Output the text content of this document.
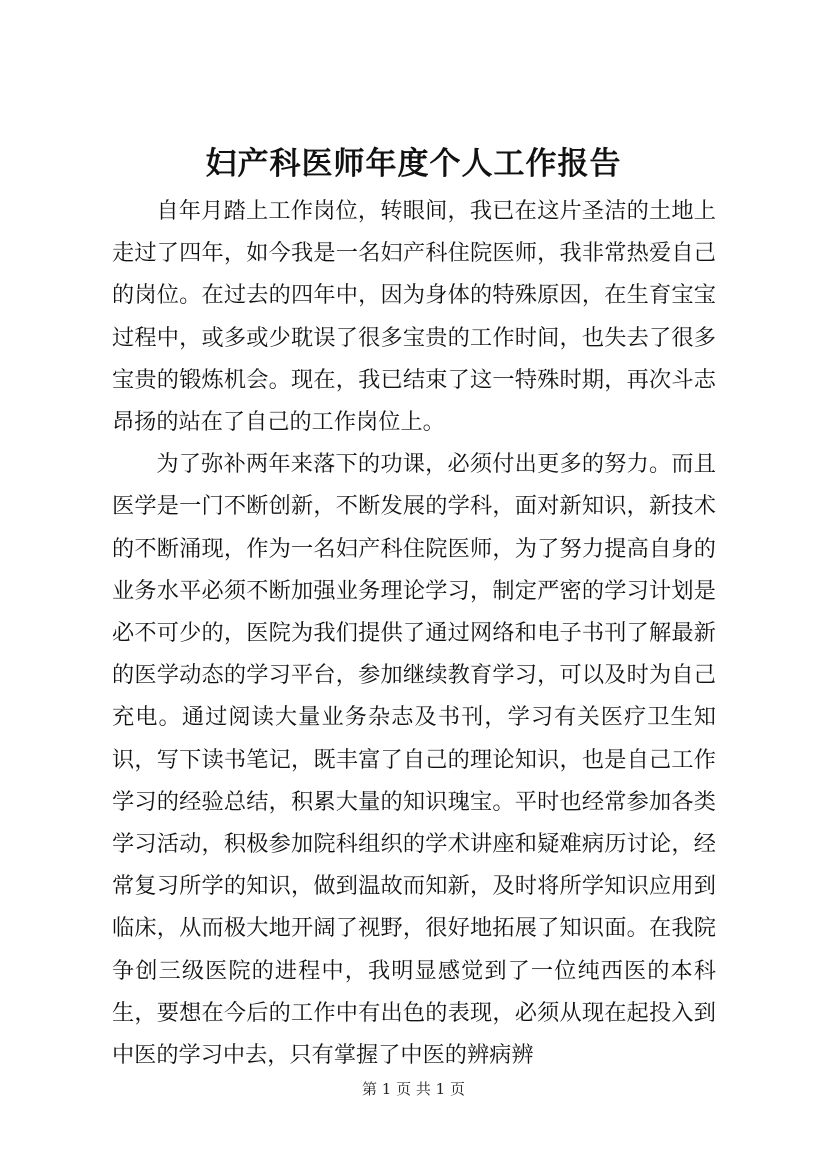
妇产科医师年度个人工作报告

自年月踏上工作岗位，转眼间，我已在这片圣洁的土地上走过了四年，如今我是一名妇产科住院医师，我非常热爱自己的岗位。在过去的四年中，因为身体的特殊原因，在生育宝宝过程中，或多或少耽误了很多宝贵的工作时间，也失去了很多宝贵的锻炼机会。现在，我已结束了这一特殊时期，再次斗志昂扬的站在了自己的工作岗位上。

为了弥补两年来落下的功课，必须付出更多的努力。而且医学是一门不断创新，不断发展的学科，面对新知识，新技术的不断涌现，作为一名妇产科住院医师，为了努力提高自身的业务水平必须不断加强业务理论学习，制定严密的学习计划是必不可少的，医院为我们提供了通过网络和电子书刊了解最新的医学动态的学习平台，参加继续教育学习，可以及时为自己充电。通过阅读大量业务杂志及书刊，学习有关医疗卫生知识，写下读书笔记，既丰富了自己的理论知识，也是自己工作学习的经验总结，积累大量的知识瑰宝。平时也经常参加各类学习活动，积极参加院科组织的学术讲座和疑难病历讨论，经常复习所学的知识，做到温故而知新，及时将所学知识应用到临床，从而极大地开阔了视野，很好地拓展了知识面。在我院争创三级医院的进程中，我明显感觉到了一位纯西医的本科生，要想在今后的工作中有出色的表现，必须从现在起投入到中医的学习中去，只有掌握了中医的辨病辨

第 1 页 共 1 页
